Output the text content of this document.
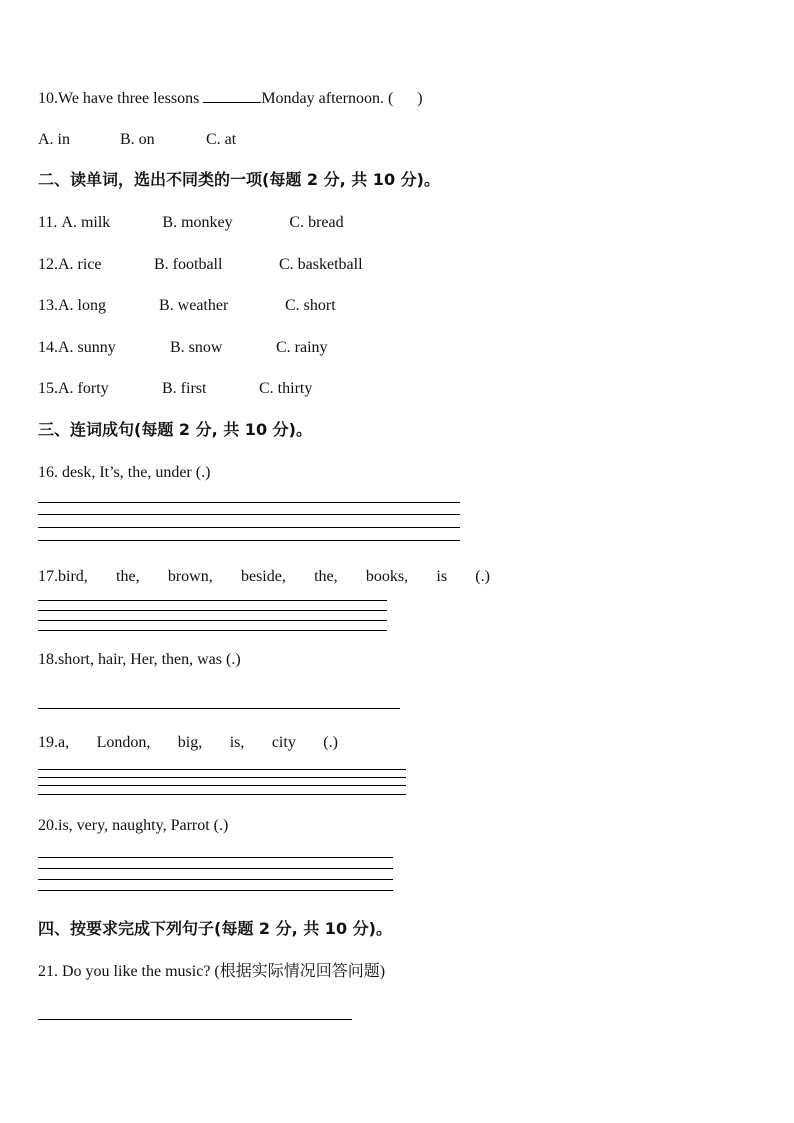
10.We have three lessons	Monday afternoon. (      )
A. in	B. on	C. at
二、读单词，选出不同类的一项(每题 2 分, 共 10 分)。
11. A. milk	B. monkey	C. bread
12.A. rice	B. football	C. basketball
13.A. long	B. weather	C. short
14.A. sunny	B. snow	C. rainy
15.A. forty	B. first	C. thirty
三、连词成句(每题 2 分, 共 10 分)。
16. desk, It’s, the, under (.)
17.bird, the, brown, beside, the, books, is (.)
18.short, hair, Her, then, was (.)
19.a, London, big, is, city (.)
20.is, very, naughty, Parrot (.)
四、按要求完成下列句子(每题 2 分, 共 10 分)。
21. Do you like the music? (根据实际情况回答问题)
